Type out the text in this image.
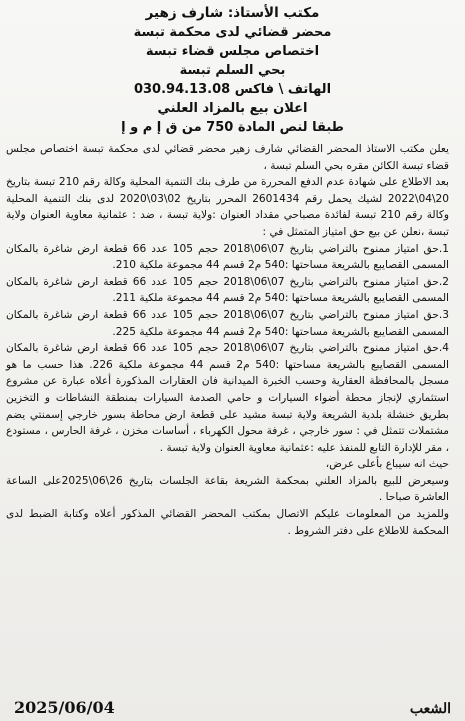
مكتب الأستاذ: شارف زهير
محضر قضائي لدى محكمة تبسة
اختصاص مجلس قضاء تبسة
بحي السلم تبسة
الهاتف \ فاكس 030.94.13.08
اعلان بيع بالمزاد العلني
طبقا لنص المادة 750 من ق إ م و إ

يعلن مكتب الاستاذ المحضر القضائي شارف زهير محضر قضائي لدى محكمة تبسة اختصاص مجلس قضاء تبسة الكائن مقره بحي السلم تبسة ،

بعد الاطلاع على شهادة عدم الدفع المحررة من طرف بنك التنمية المحلية وكالة رقم 210 تبسة بتاريخ 20\04\2022 لشيك يحمل رقم 2601434 المحرر بتاريخ 02\03\2020 لدى بنك التنمية المحلية وكالة رقم 210 تبسة لفائدة مصباحي مقداد العنوان :ولاية تبسة ، ضد : عثمانية معاوية العنوان ولاية تبسة ،نعلن عن بيع حق امتياز المتمثل في :

1.حق امتياز ممنوح بالتراضي بتاريخ 07\06\2018 حجم 105 عدد 66 قطعة ارض شاغرة بالمكان المسمى القصايبع بالشريعة مساحتها :540 م2 قسم 44 مجموعة ملكية 210.

2.حق امتياز ممنوح بالتراضي بتاريخ 07\06\2018 حجم 105 عدد 66 قطعة ارض شاغرة بالمكان المسمى القصايبع بالشريعة مساحتها :540 م2 قسم 44 مجموعة ملكية 211.

3.حق امتياز ممنوح بالتراضي بتاريخ 07\06\2018 حجم 105 عدد 66 قطعة ارض شاغرة بالمكان المسمى القصايبع بالشريعة مساحتها :540 م2 قسم 44 مجموعة ملكية 225.

4.حق امتياز ممنوح بالتراضي بتاريخ 07\06\2018 حجم 105 عدد 66 قطعة ارض شاغرة بالمكان المسمى القصايبع بالشريعة مساحتها :540 م2 قسم 44 مجموعة ملكية 226. هذا حسب ما هو مسجل بالمحافظة العقارية وحسب الخبرة الميدانية فان العقارات المذكورة أعلاه عبارة عن مشروع استثماري لإنجاز محطة أضواء السيارات و حامي الصدمة السيارات بمنطقة النشاطات و التخزين بطريق خنشلة بلدية الشريعة ولاية تبسة مشيد على قطعة ارض محاطة بسور خارجي إسمنتي يضم مشتملات تتمثل في : سور خارجي ، غرفة محول الكهرباء ، أساسات مخزن ، غرفة الحارس ، مستودع ، مقر للإدارة التابع للمنفذ عليه :عثمانية معاوية العنوان ولاية تبسة .

حيث انه سيباع بأعلى عرض،

وسيعرض للبيع بالمزاد العلني بمحكمة الشريعة بقاعة الجلسات بتاريخ 26\06\2025على الساعة العاشرة صباحا .

وللمزيد من المعلومات عليكم الاتصال بمكتب المحضر القضائي المذكور أعلاه وكتابة الضبط لدى المحكمة للاطلاع على دفتر الشروط .

2025/06/04	الشعب
